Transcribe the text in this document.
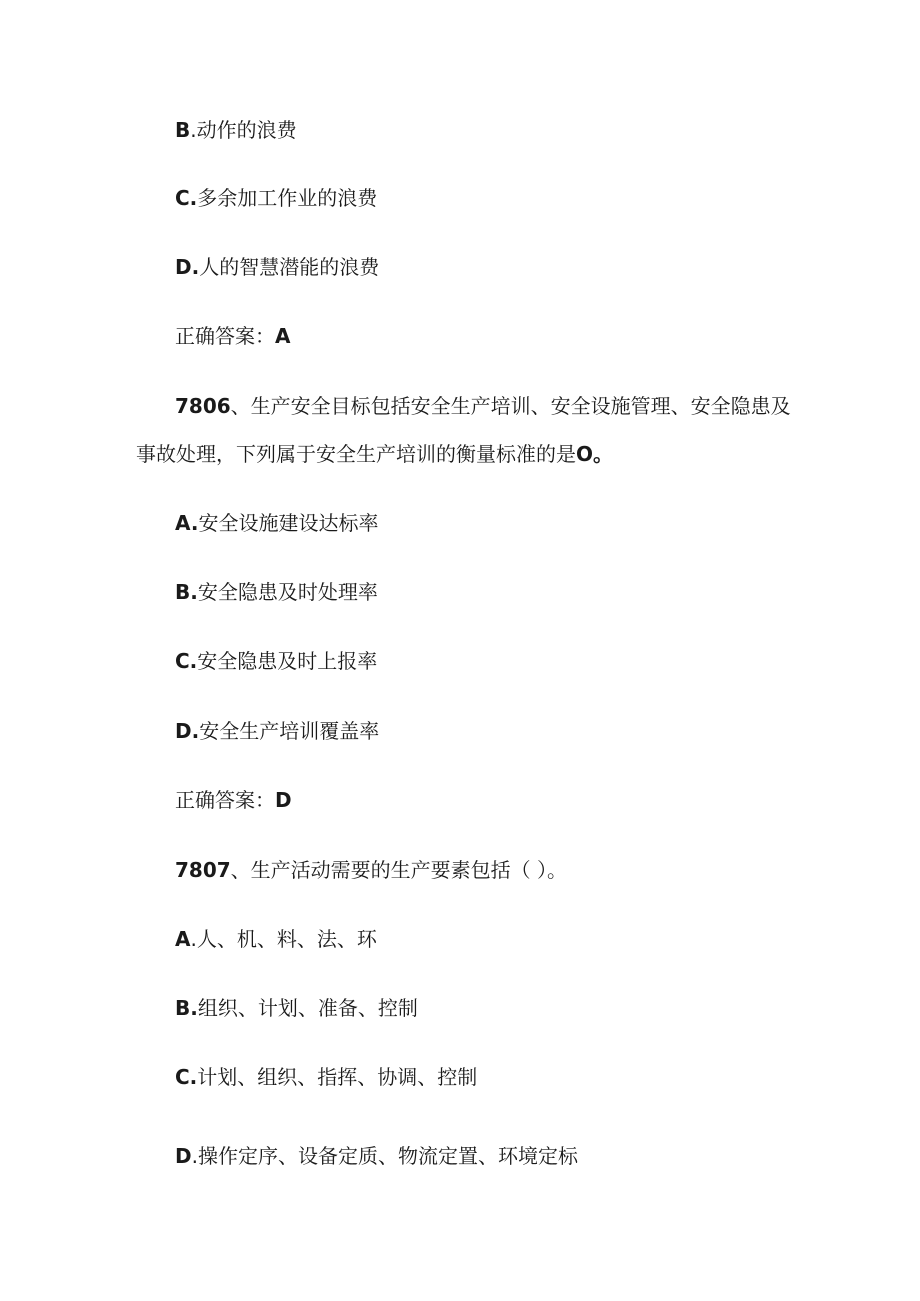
B.动作的浪费
C.多余加工作业的浪费
D.人的智慧潜能的浪费
正确答案：A
7806、生产安全目标包括安全生产培训、安全设施管理、安全隐患及
事故处理，下列属于安全生产培训的衡量标准的是O。
A.安全设施建设达标率
B.安全隐患及时处理率
C.安全隐患及时上报率
D.安全生产培训覆盖率
正确答案：D
7807、生产活动需要的生产要素包括（ ）。
A.人、机、料、法、环
B.组织、计划、准备、控制
C.计划、组织、指挥、协调、控制
D.操作定序、设备定质、物流定置、环境定标
